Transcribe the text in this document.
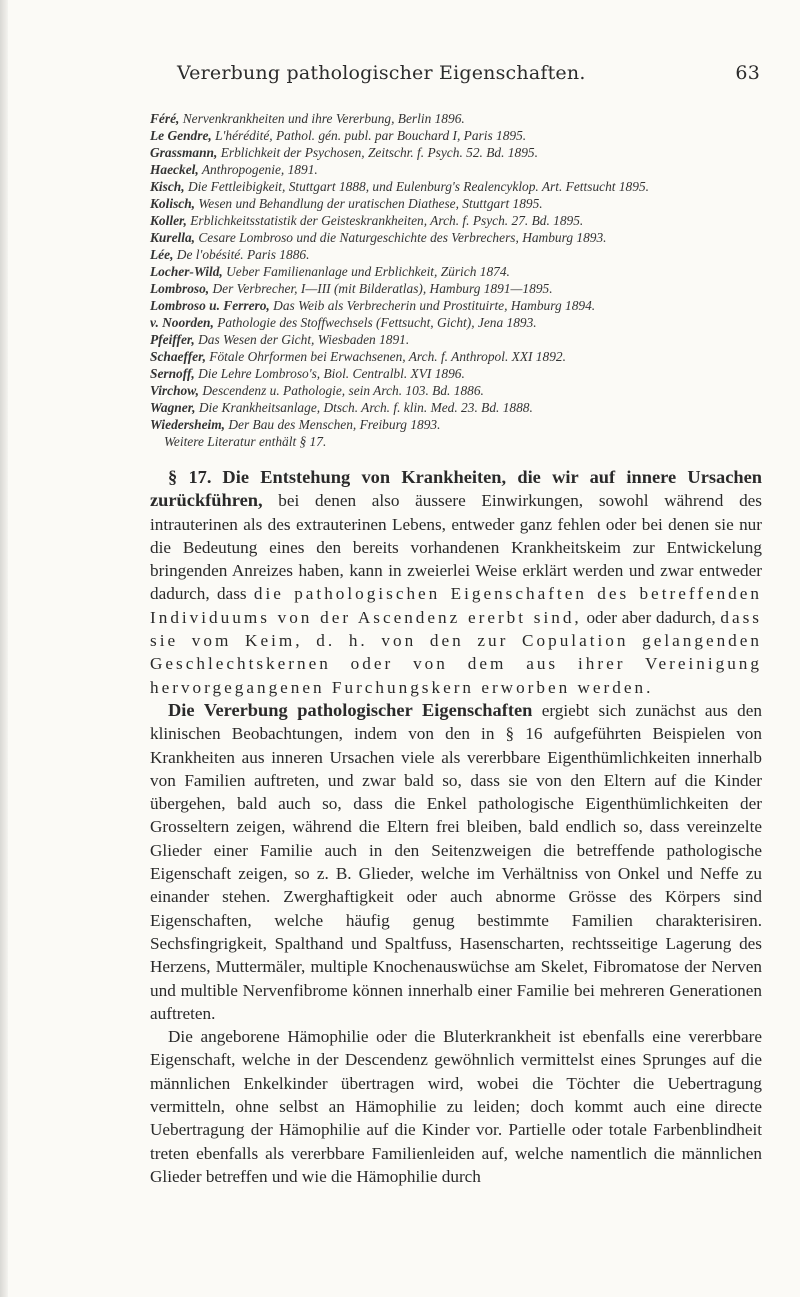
Vererbung pathologischer Eigenschaften.	63
Féré, Nervenkrankheiten und ihre Vererbung, Berlin 1896.
Le Gendre, L'hérédité, Pathol. gén. publ. par Bouchard I, Paris 1895.
Grassmann, Erblichkeit der Psychosen, Zeitschr. f. Psych. 52. Bd. 1895.
Haeckel, Anthropogenie, 1891.
Kisch, Die Fettleibigkeit, Stuttgart 1888, und Eulenburg's Realencyklop. Art. Fettsucht 1895.
Kolisch, Wesen und Behandlung der uratischen Diathese, Stuttgart 1895.
Koller, Erblichkeitsstatistik der Geisteskrankheiten, Arch. f. Psych. 27. Bd. 1895.
Kurella, Cesare Lombroso und die Naturgeschichte des Verbrechers, Hamburg 1893.
Lée, De l'obésité. Paris 1886.
Locher-Wild, Ueber Familienanlage und Erblichkeit, Zürich 1874.
Lombroso, Der Verbrecher, I—III (mit Bilderatlas), Hamburg 1891—1895.
Lombroso u. Ferrero, Das Weib als Verbrecherin und Prostituirte, Hamburg 1894.
v. Noorden, Pathologie des Stoffwechsels (Fettsucht, Gicht), Jena 1893.
Pfeiffer, Das Wesen der Gicht, Wiesbaden 1891.
Schaeffer, Fötale Ohrformen bei Erwachsenen, Arch. f. Anthropol. XXI 1892.
Sernoff, Die Lehre Lombroso's, Biol. Centralbl. XVI 1896.
Virchow, Descendenz u. Pathologie, sein Arch. 103. Bd. 1886.
Wagner, Die Krankheitsanlage, Dtsch. Arch. f. klin. Med. 23. Bd. 1888.
Wiedersheim, Der Bau des Menschen, Freiburg 1893.
Weitere Literatur enthält § 17.

§ 17. Die Entstehung von Krankheiten, die wir auf innere Ursachen zurückführen, bei denen also äussere Einwirkungen, sowohl während des intrauterinen als des extrauterinen Lebens, entweder ganz fehlen oder bei denen sie nur die Bedeutung eines den bereits vorhandenen Krankheitskeim zur Entwickelung bringenden Anreizes haben, kann in zweierlei Weise erklärt werden und zwar entweder dadurch, dass die pathologischen Eigenschaften des betreffenden Individuums von der Ascendenz ererbt sind, oder aber dadurch, dass sie vom Keim, d. h. von den zur Copulation gelangenden Geschlechtskernen oder von dem aus ihrer Vereinigung hervorgegangenen Furchungskern erworben werden.

Die Vererbung pathologischer Eigenschaften ergiebt sich zunächst aus den klinischen Beobachtungen, indem von den in § 16 aufgeführten Beispielen von Krankheiten aus inneren Ursachen viele als vererbbare Eigenthümlichkeiten innerhalb von Familien auftreten, und zwar bald so, dass sie von den Eltern auf die Kinder übergehen, bald auch so, dass die Enkel pathologische Eigenthümlichkeiten der Grosseltern zeigen, während die Eltern frei bleiben, bald endlich so, dass vereinzelte Glieder einer Familie auch in den Seitenzweigen die betreffende pathologische Eigenschaft zeigen, so z. B. Glieder, welche im Verhältniss von Onkel und Neffe zu einander stehen. Zwerghaftigkeit oder auch abnorme Grösse des Körpers sind Eigenschaften, welche häufig genug bestimmte Familien charakterisiren. Sechsfingrigkeit, Spalthand und Spaltfuss, Hasenscharten, rechtsseitige Lagerung des Herzens, Muttermäler, multiple Knochenauswüchse am Skelet, Fibromatose der Nerven und multible Nervenfibrome können innerhalb einer Familie bei mehreren Generationen auftreten.

Die angeborene Hämophilie oder die Bluterkrankheit ist ebenfalls eine vererbbare Eigenschaft, welche in der Descendenz gewöhnlich vermittelst eines Sprunges auf die männlichen Enkelkinder übertragen wird, wobei die Töchter die Uebertragung vermitteln, ohne selbst an Hämophilie zu leiden; doch kommt auch eine directe Uebertragung der Hämophilie auf die Kinder vor. Partielle oder totale Farbenblindheit treten ebenfalls als vererbbare Familienleiden auf, welche namentlich die männlichen Glieder betreffen und wie die Hämophilie durch
